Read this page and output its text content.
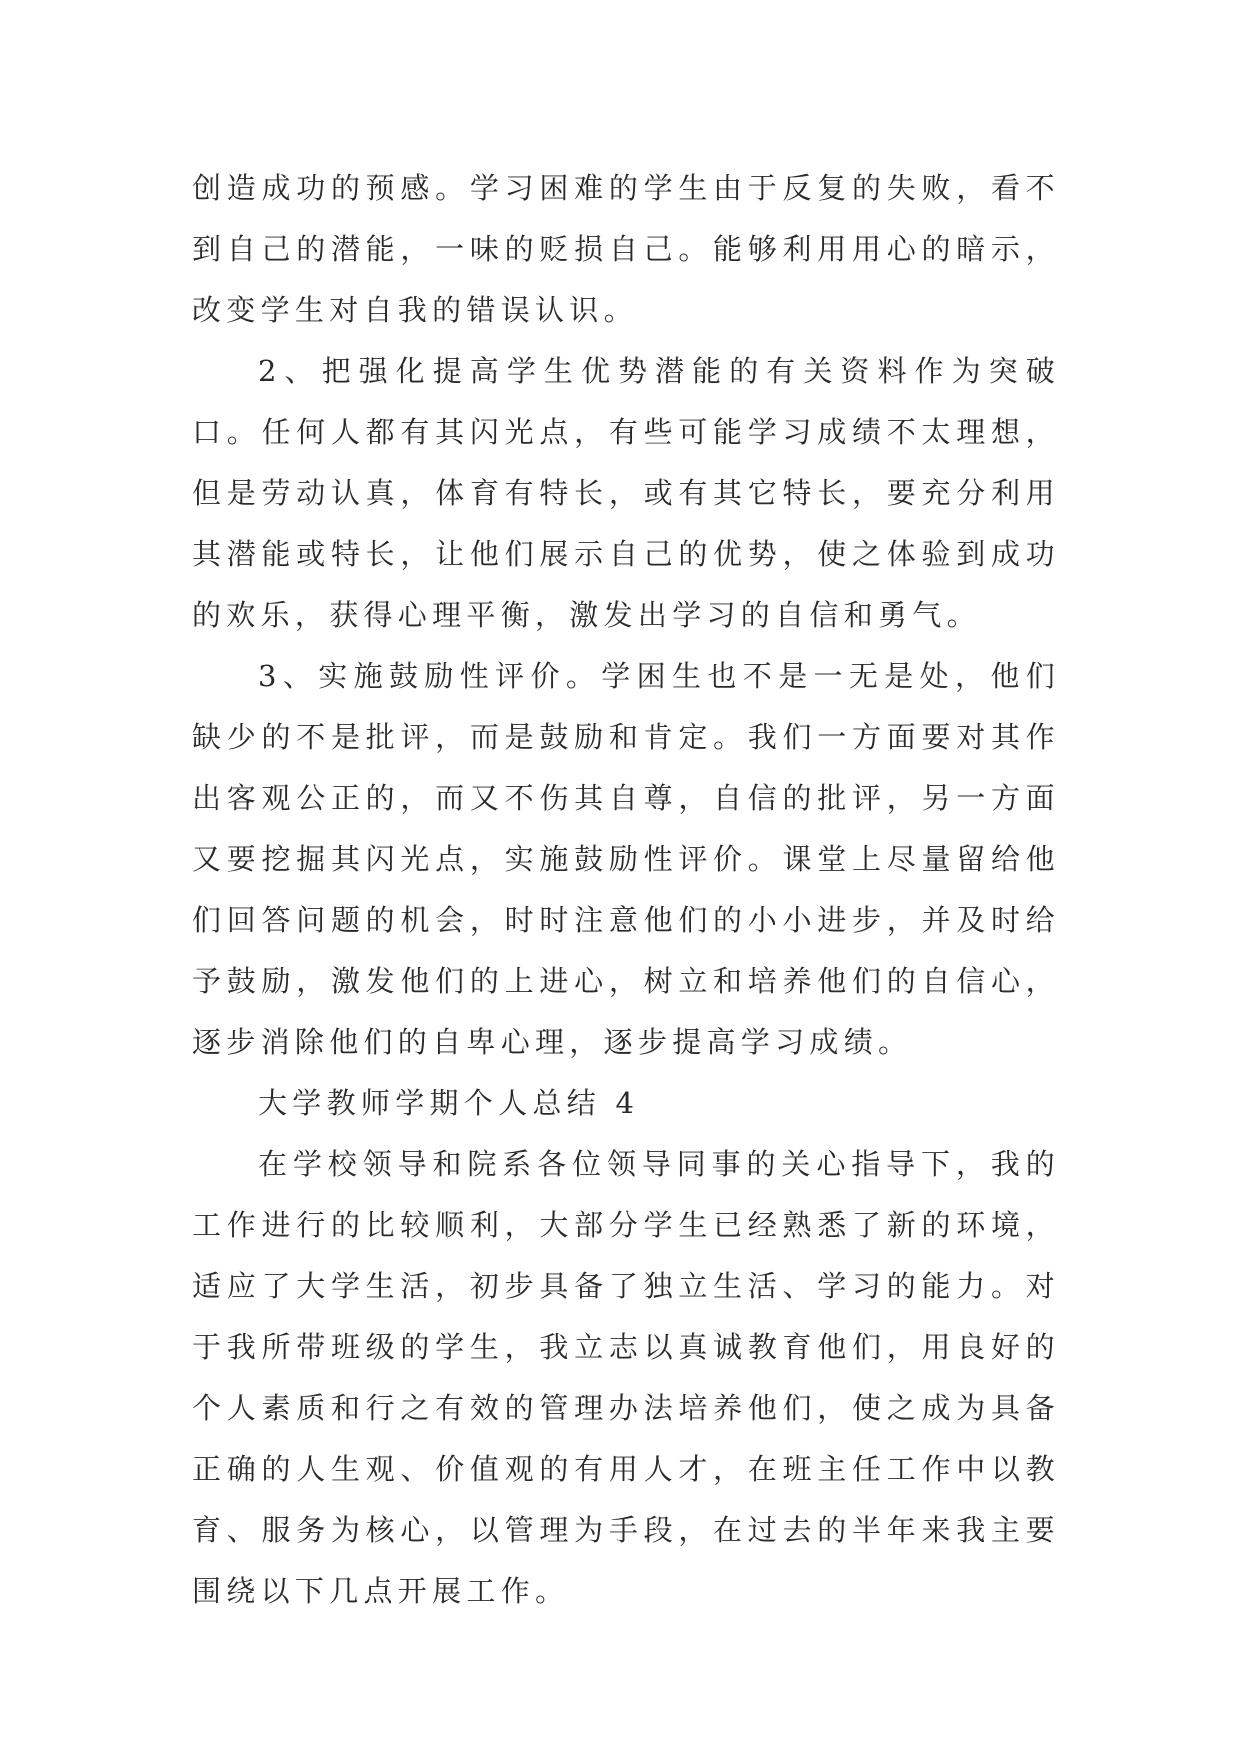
创造成功的预感。学习困难的学生由于反复的失败，看不到自己的潜能，一味的贬损自己。能够利用用心的暗示，改变学生对自我的错误认识。

2、把强化提高学生优势潜能的有关资料作为突破口。任何人都有其闪光点，有些可能学习成绩不太理想，但是劳动认真，体育有特长，或有其它特长，要充分利用其潜能或特长，让他们展示自己的优势，使之体验到成功的欢乐，获得心理平衡，激发出学习的自信和勇气。

3、实施鼓励性评价。学困生也不是一无是处，他们缺少的不是批评，而是鼓励和肯定。我们一方面要对其作出客观公正的，而又不伤其自尊，自信的批评，另一方面又要挖掘其闪光点，实施鼓励性评价。课堂上尽量留给他们回答问题的机会，时时注意他们的小小进步，并及时给予鼓励，激发他们的上进心，树立和培养他们的自信心，逐步消除他们的自卑心理，逐步提高学习成绩。

大学教师学期个人总结 4

在学校领导和院系各位领导同事的关心指导下，我的工作进行的比较顺利，大部分学生已经熟悉了新的环境，适应了大学生活，初步具备了独立生活、学习的能力。对于我所带班级的学生，我立志以真诚教育他们，用良好的个人素质和行之有效的管理办法培养他们，使之成为具备正确的人生观、价值观的有用人才，在班主任工作中以教育、服务为核心，以管理为手段，在过去的半年来我主要围绕以下几点开展工作。
